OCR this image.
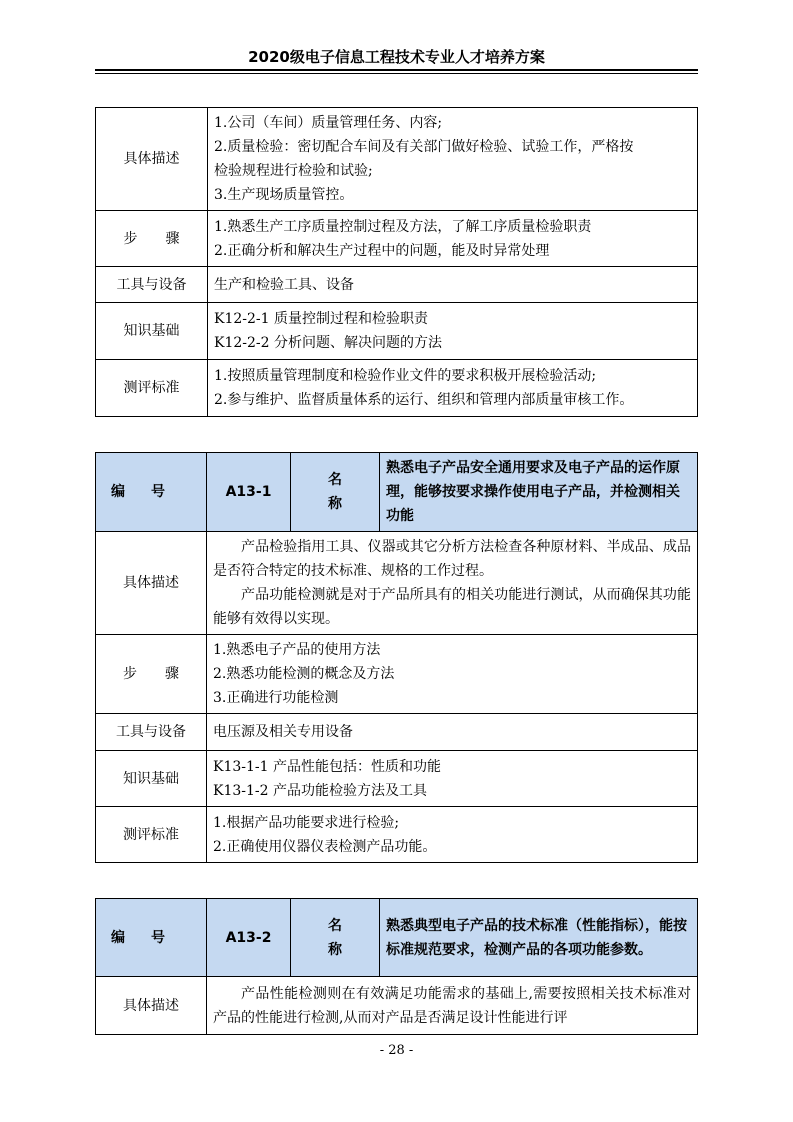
2020级电子信息工程技术专业人才培养方案
具体描述	1.公司（车间）质量管理任务、内容;
2.质量检验：密切配合车间及有关部门做好检验、试验工作，严格按
检验规程进行检验和试验;
3.生产现场质量管控。

步　　骤	1.熟悉生产工序质量控制过程及方法，了解工序质量检验职责
2.正确分析和解决生产过程中的问题，能及时异常处理

工具与设备	生产和检验工具、设备

知识基础	K12-2-1 质量控制过程和检验职责
K12-2-2 分析问题、解决问题的方法

测评标准	1.按照质量管理制度和检验作业文件的要求积极开展检验活动;
2.参与维护、监督质量体系的运行、组织和管理内部质量审核工作。
编号	A13-1	名称	熟悉电子产品安全通用要求及电子产品的运作原理，能够按要求操作使用电子产品，并检测相关功能
具体描述	产品检验指用工具、仪器或其它分析方法检查各种原材料、半成品、成品是否符合特定的技术标准、规格的工作过程。
产品功能检测就是对于产品所具有的相关功能进行测试，从而确保其功能能够有效得以实现。		

步　　骤	1.熟悉电子产品的使用方法
2.熟悉功能检测的概念及方法
3.正确进行功能检测		

工具与设备	电压源及相关专用设备		

知识基础	K13-1-1 产品性能包括：性质和功能
K13-1-2 产品功能检验方法及工具		

测评标准	1.根据产品功能要求进行检验;
2.正确使用仪器仪表检测产品功能。		
编号	A13-2	名称	熟悉典型电子产品的技术标准（性能指标），能按标准规范要求，检测产品的各项功能参数。
具体描述	产品性能检测则在有效满足功能需求的基础上,需要按照相关技术标准对产品的性能进行检测,从而对产品是否满足设计性能进行评		
- 28 -
